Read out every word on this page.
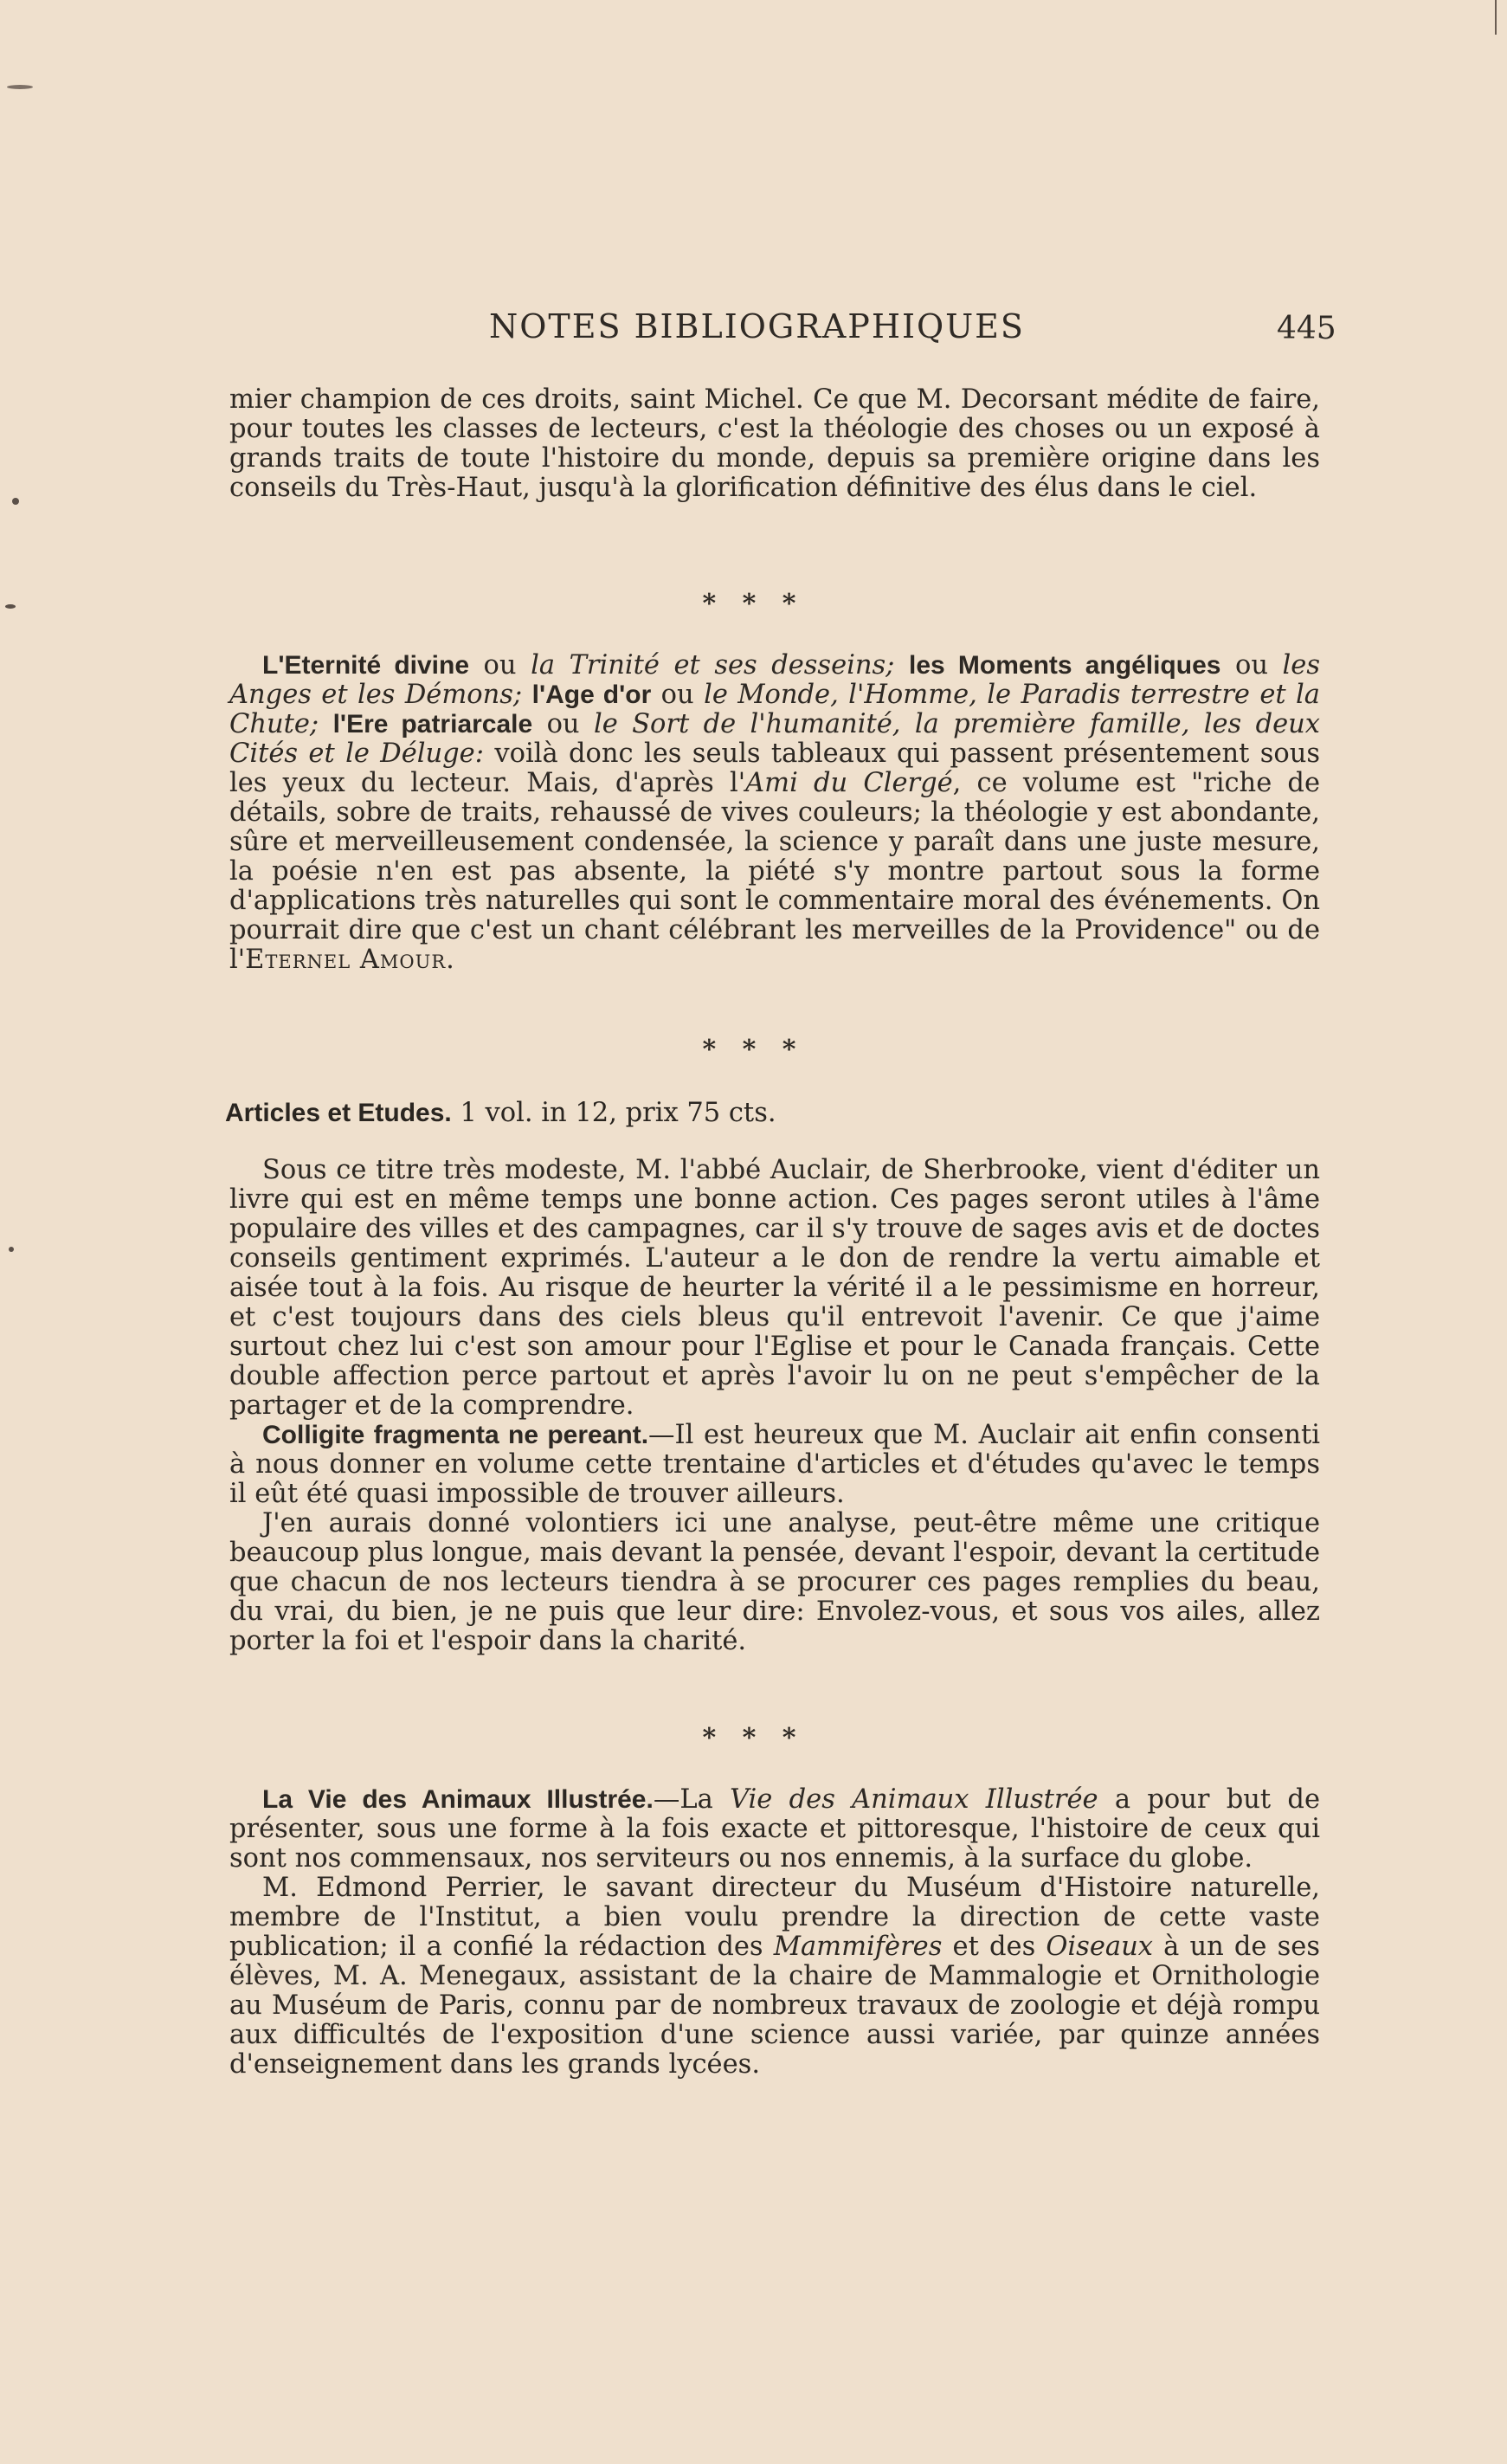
NOTES BIBLIOGRAPHIQUES	445

mier champion de ces droits, saint Michel. Ce que M. Decorsant médite de faire, pour toutes les classes de lecteurs, c'est la théologie des choses ou un exposé à grands traits de toute l'histoire du monde, depuis sa première origine dans les conseils du Très-Haut, jusqu'à la glorification définitive des élus dans le ciel.

* * *

L'Eternité divine ou la Trinité et ses desseins; les Moments angéliques ou les Anges et les Démons; l'Age d'or ou le Monde, l'Homme, le Paradis terrestre et la Chute; l'Ere patriarcale ou le Sort de l'humanité, la première famille, les deux Cités et le Déluge: voilà donc les seuls tableaux qui passent présentement sous les yeux du lecteur. Mais, d'après l'Ami du Clergé, ce volume est "riche de détails, sobre de traits, rehaussé de vives couleurs; la théologie y est abondante, sûre et merveilleusement condensée, la science y paraît dans une juste mesure, la poésie n'en est pas absente, la piété s'y montre partout sous la forme d'applications très naturelles qui sont le commentaire moral des événements. On pourrait dire que c'est un chant célébrant les merveilles de la Providence" ou de l'Eternel Amour.

* * *
Articles et Etudes. 1 vol. in 12, prix 75 cts.

Sous ce titre très modeste, M. l'abbé Auclair, de Sherbrooke, vient d'éditer un livre qui est en même temps une bonne action. Ces pages seront utiles à l'âme populaire des villes et des campagnes, car il s'y trouve de sages avis et de doctes conseils gentiment exprimés. L'auteur a le don de rendre la vertu aimable et aisée tout à la fois. Au risque de heurter la vérité il a le pessimisme en horreur, et c'est toujours dans des ciels bleus qu'il entrevoit l'avenir. Ce que j'aime surtout chez lui c'est son amour pour l'Eglise et pour le Canada français. Cette double affection perce partout et après l'avoir lu on ne peut s'empêcher de la partager et de la comprendre.

Colligite fragmenta ne pereant.—Il est heureux que M. Auclair ait enfin consenti à nous donner en volume cette trentaine d'articles et d'études qu'avec le temps il eût été quasi impossible de trouver ailleurs.

J'en aurais donné volontiers ici une analyse, peut-être même une critique beaucoup plus longue, mais devant la pensée, devant l'espoir, devant la certitude que chacun de nos lecteurs tiendra à se procurer ces pages remplies du beau, du vrai, du bien, je ne puis que leur dire: Envolez-vous, et sous vos ailes, allez porter la foi et l'espoir dans la charité.

* * *

La Vie des Animaux Illustrée.—La Vie des Animaux Illustrée a pour but de présenter, sous une forme à la fois exacte et pittoresque, l'histoire de ceux qui sont nos commensaux, nos serviteurs ou nos ennemis, à la surface du globe.

M. Edmond Perrier, le savant directeur du Muséum d'Histoire naturelle, membre de l'Institut, a bien voulu prendre la direction de cette vaste publication; il a confié la rédaction des Mammifères et des Oiseaux à un de ses élèves, M. A. Menegaux, assistant de la chaire de Mammalogie et Ornithologie au Muséum de Paris, connu par de nombreux travaux de zoologie et déjà rompu aux difficultés de l'exposition d'une science aussi variée, par quinze années d'enseignement dans les grands lycées.
